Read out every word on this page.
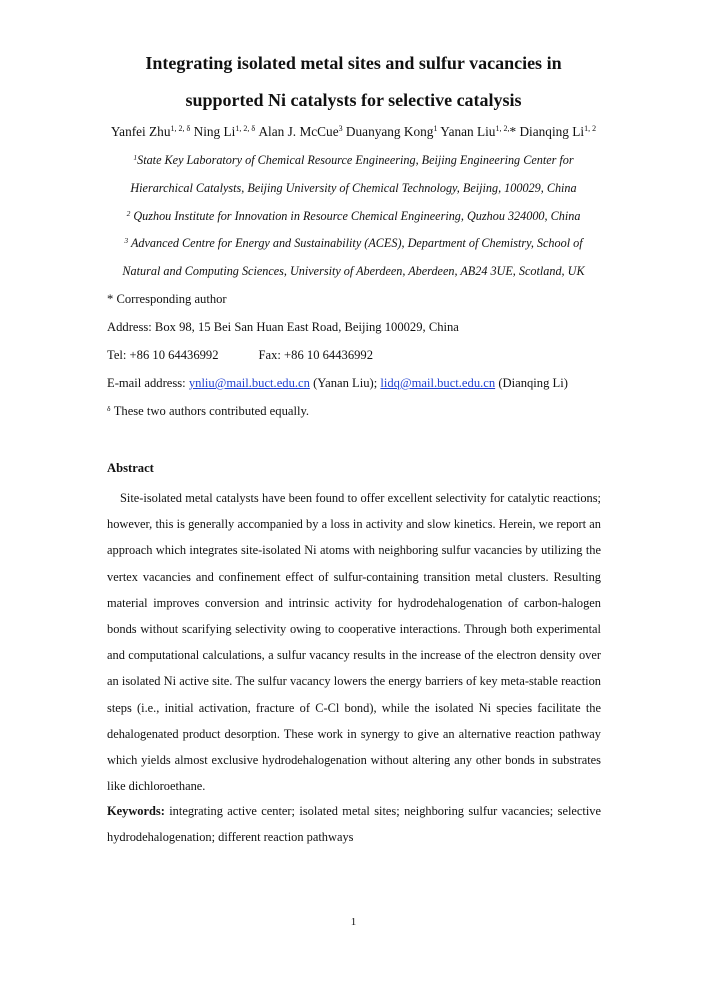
Integrating isolated metal sites and sulfur vacancies in
supported Ni catalysts for selective catalysis
Yanfei Zhu$^{1, 2, \delta}$ Ning $Li^{1, 2, \delta}$ Alan J. McCue$^3$ Duanyang Kong$^1$ Yanan Liu$^{1, 2,}$* Dianqing Li$^{1, 2}$
$^1$State Key Laboratory of Chemical Resource Engineering, Beijing Engineering Center for
Hierarchical Catalysts, Beijing University of Chemical Technology, Beijing, 100029, China
$^2$ Quzhou Institute for Innovation in Resource Chemical Engineering, Quzhou 324000, China
$^3$ Advanced Centre for Energy and Sustainability (ACES), Department of Chemistry, School of
Natural and Computing Sciences, University of Aberdeen, Aberdeen, AB24 3UE, Scotland, UK
* Corresponding author
Address: Box 98, 15 Bei San Huan East Road, Beijing 100029, China
Tel: +86 10 64436992	Fax: +86 10 64436992
E-mail address: ynliu@mail.buct.edu.cn (Yanan Liu); lidq@mail.buct.edu.cn (Dianqing Li)
$^\delta$ These two authors contributed equally.
Abstract
Site-isolated metal catalysts have been found to offer excellent selectivity for catalytic reactions; however, this is generally accompanied by a loss in activity and slow kinetics. Herein, we report an approach which integrates site-isolated Ni atoms with neighboring sulfur vacancies by utilizing the vertex vacancies and confinement effect of sulfur-containing transition metal clusters. Resulting material improves conversion and intrinsic activity for hydrodehalogenation of carbon-halogen bonds without scarifying selectivity owing to cooperative interactions. Through both experimental and computational calculations, a sulfur vacancy results in the increase of the electron density over an isolated Ni active site. The sulfur vacancy lowers the energy barriers of key meta-stable reaction steps (i.e., initial activation, fracture of C-Cl bond), while the isolated Ni species facilitate the dehalogenated product desorption. These work in synergy to give an alternative reaction pathway which yields almost exclusive hydrodehalogenation without altering any other bonds in substrates like dichloroethane.
Keywords: integrating active center; isolated metal sites; neighboring sulfur vacancies; selective hydrodehalogenation; different reaction pathways
1
